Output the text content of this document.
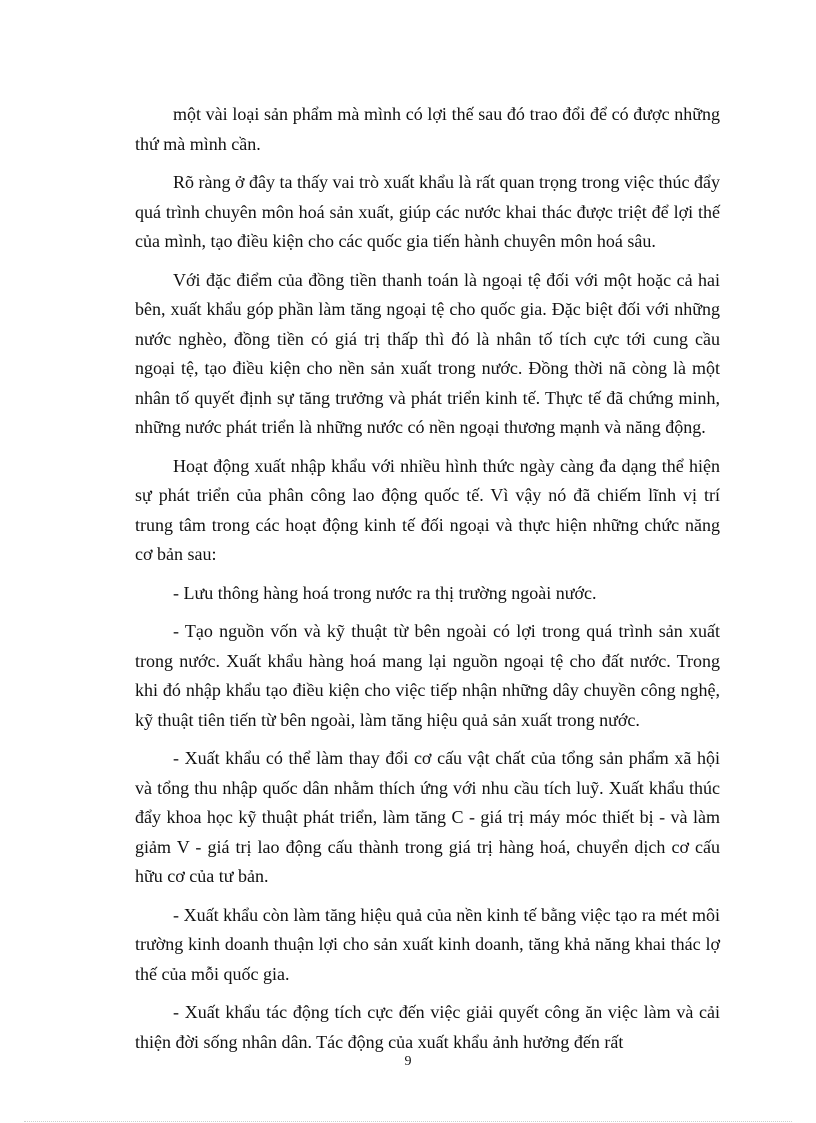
một vài loại sản phẩm mà mình có lợi thế sau đó trao đổi để có được những thứ mà mình cần.

Rõ ràng ở đây ta thấy vai trò xuất khẩu là rất quan trọng trong việc thúc đẩy quá trình chuyên môn hoá sản xuất, giúp các nước khai thác được triệt để lợi thế của mình, tạo điều kiện cho các quốc gia tiến hành chuyên môn hoá sâu.

Với đặc điểm của đồng tiền thanh toán là ngoại tệ đối với một hoặc cả hai bên, xuất khẩu góp phần làm tăng ngoại tệ cho quốc gia. Đặc biệt đối với những nước nghèo, đồng tiền có giá trị thấp thì đó là nhân tố tích cực tới cung cầu ngoại tệ, tạo điều kiện cho nền sản xuất trong nước. Đồng thời nã còng là một nhân tố quyết định sự tăng trưởng và phát triển kinh tế. Thực tế đã chứng minh, những nước phát triển là những nước có nền ngoại thương mạnh và năng động.

Hoạt động xuất nhập khẩu với nhiều hình thức ngày càng đa dạng thể hiện sự phát triển của phân công lao động quốc tế. Vì vậy nó đã chiếm lĩnh vị trí trung tâm trong các hoạt động kinh tế đối ngoại và thực hiện những chức năng cơ bản sau:

- Lưu thông hàng hoá trong nước ra thị trường ngoài nước.

- Tạo nguồn vốn và kỹ thuật từ bên ngoài có lợi trong quá trình sản xuất trong nước. Xuất khẩu hàng hoá mang lại nguồn ngoại tệ cho đất nước. Trong khi đó nhập khẩu tạo điều kiện cho việc tiếp nhận những dây chuyền công nghệ, kỹ thuật tiên tiến từ bên ngoài, làm tăng hiệu quả sản xuất trong nước.

- Xuất khẩu có thể làm thay đổi cơ cấu vật chất của tổng sản phẩm xã hội và tổng thu nhập quốc dân nhằm thích ứng với nhu cầu tích luỹ. Xuất khẩu thúc đẩy khoa học kỹ thuật phát triển, làm tăng C - giá trị máy móc thiết bị - và làm giảm V - giá trị lao động cấu thành trong giá trị hàng hoá, chuyển dịch cơ cấu hữu cơ của tư bản.

- Xuất khẩu còn làm tăng hiệu quả của nền kinh tế bằng việc tạo ra mét môi trường kinh doanh thuận lợi cho sản xuất kinh doanh, tăng khả năng khai thác lợ thế của mỗi quốc gia.

- Xuất khẩu tác động tích cực đến việc giải quyết công ăn việc làm và cải thiện đời sống nhân dân. Tác động của xuất khẩu ảnh hưởng đến rất

9
